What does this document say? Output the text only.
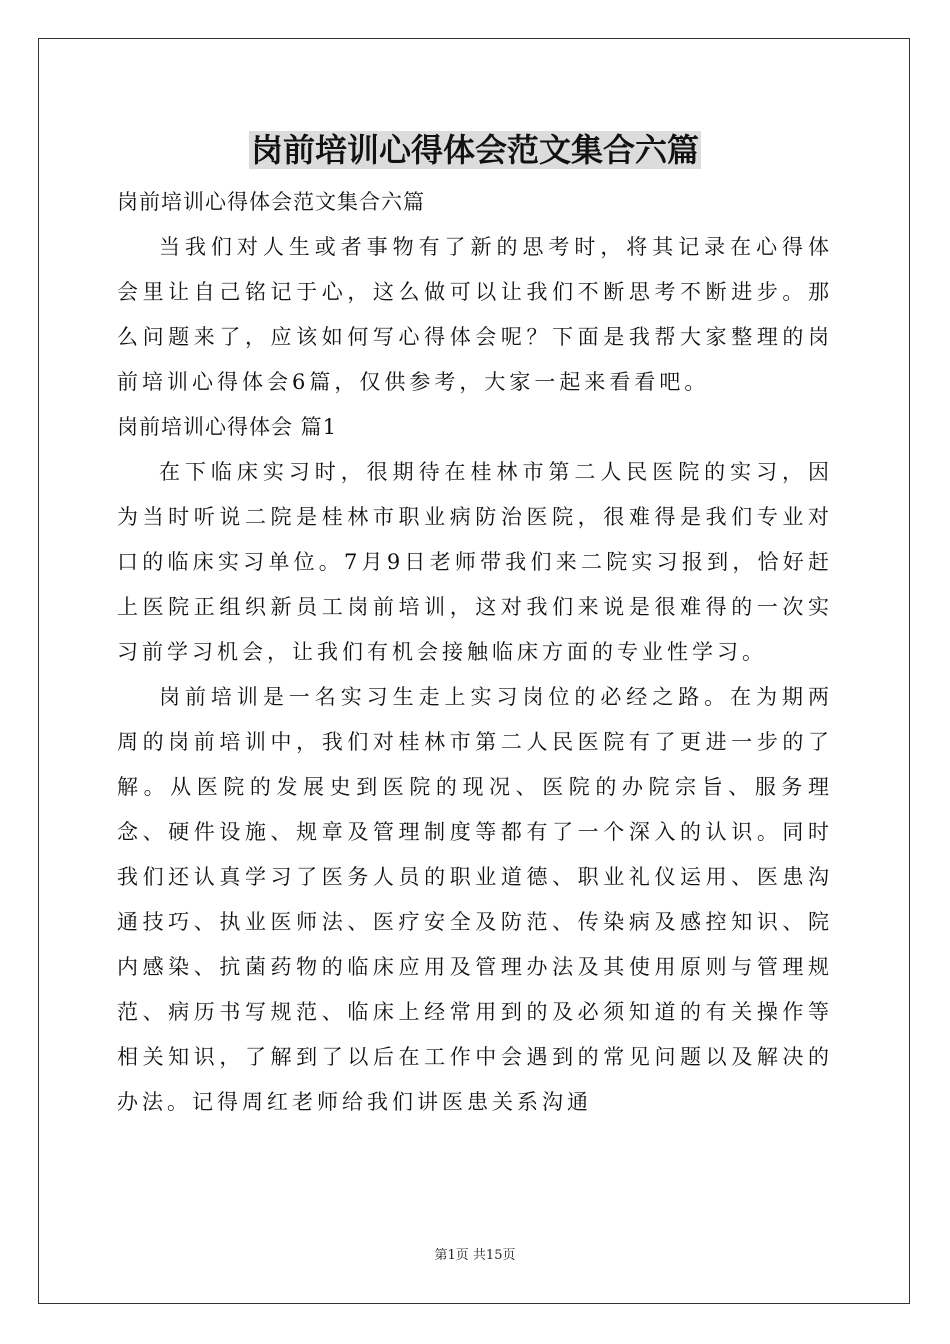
岗前培训心得体会范文集合六篇
岗前培训心得体会范文集合六篇

当我们对人生或者事物有了新的思考时，将其记录在心得体会里让自己铭记于心，这么做可以让我们不断思考不断进步。那么问题来了，应该如何写心得体会呢？下面是我帮大家整理的岗前培训心得体会6篇，仅供参考，大家一起来看看吧。

岗前培训心得体会 篇1

在下临床实习时，很期待在桂林市第二人民医院的实习，因为当时听说二院是桂林市职业病防治医院，很难得是我们专业对口的临床实习单位。7月9日老师带我们来二院实习报到，恰好赶上医院正组织新员工岗前培训，这对我们来说是很难得的一次实习前学习机会，让我们有机会接触临床方面的专业性学习。

岗前培训是一名实习生走上实习岗位的必经之路。在为期两周的岗前培训中，我们对桂林市第二人民医院有了更进一步的了解。从医院的发展史到医院的现况、医院的办院宗旨、服务理念、硬件设施、规章及管理制度等都有了一个深入的认识。同时我们还认真学习了医务人员的职业道德、职业礼仪运用、医患沟通技巧、执业医师法、医疗安全及防范、传染病及感控知识、院内感染、抗菌药物的临床应用及管理办法及其使用原则与管理规范、病历书写规范、临床上经常用到的及必须知道的有关操作等相关知识，了解到了以后在工作中会遇到的常见问题以及解决的办法。记得周红老师给我们讲医患关系沟通

第1页 共15页
